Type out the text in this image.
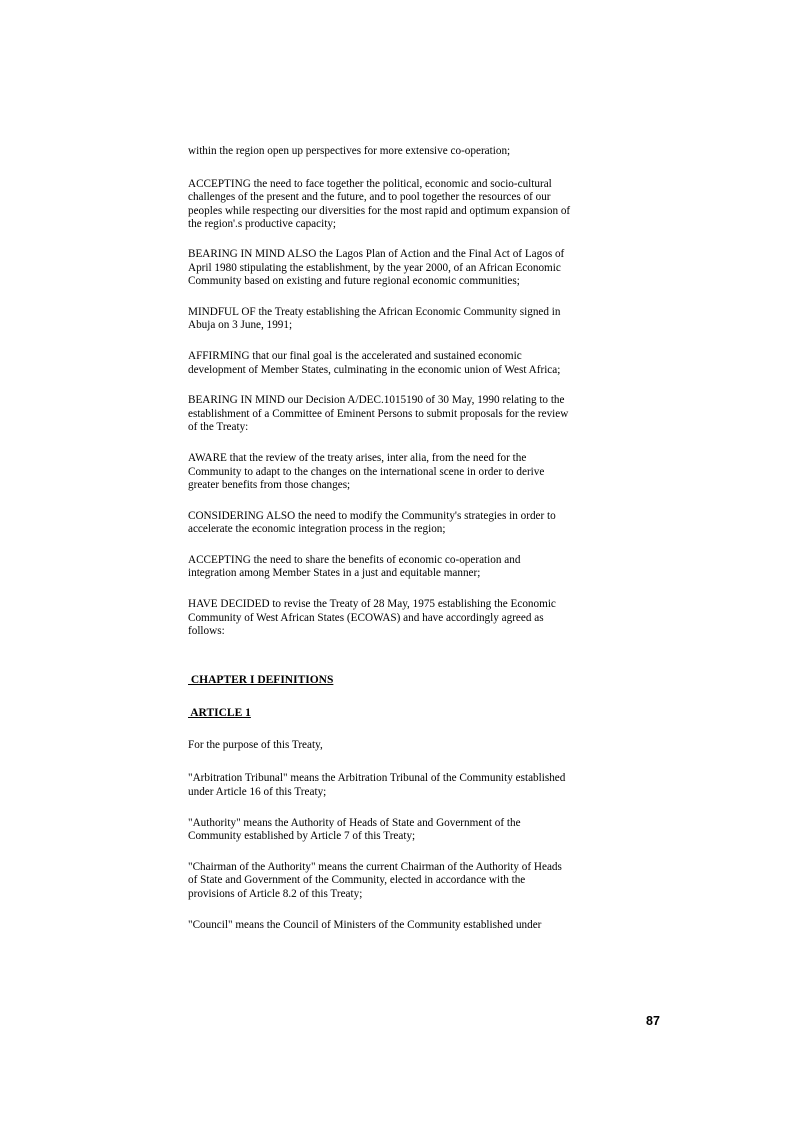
within the region open up perspectives for more extensive co-operation;

ACCEPTING the need to face together the political, economic and socio-cultural
challenges of the present and the future, and to pool together the resources of our
peoples while respecting our diversities for the most rapid and optimum expansion of
the region'.s productive capacity;

BEARING IN MIND ALSO the Lagos Plan of Action and the Final Act of Lagos of
April 1980 stipulating the establishment, by the year 2000, of an African Economic
Community based on existing and future regional economic communities;

MINDFUL OF the Treaty establishing the African Economic Community signed in
Abuja on 3 June, 1991;

AFFIRMING that our final goal is the accelerated and sustained economic
development of Member States, culminating in the economic union of West Africa;

BEARING IN MIND our Decision A/DEC.1015190 of 30 May, 1990 relating to the
establishment of a Committee of Eminent Persons to submit proposals for the review
of the Treaty:

AWARE that the review of the treaty arises, inter alia, from the need for the
Community to adapt to the changes on the international scene in order to derive
greater benefits from those changes;

CONSIDERING ALSO the need to modify the Community's strategies in order to
accelerate the economic integration process in the region;

ACCEPTING the need to share the benefits of economic co-operation and
integration among Member States in a just and equitable manner;

HAVE DECIDED to revise the Treaty of 28 May, 1975 establishing the Economic
Community of West African States (ECOWAS) and have accordingly agreed as
follows:

CHAPTER I DEFINITIONS

ARTICLE 1

For the purpose of this Treaty,

"Arbitration Tribunal" means the Arbitration Tribunal of the Community established
under Article 16 of this Treaty;

"Authority" means the Authority of Heads of State and Government of the
Community established by Article 7 of this Treaty;

"Chairman of the Authority" means the current Chairman of the Authority of Heads
of State and Government of the Community, elected in accordance with the
provisions of Article 8.2 of this Treaty;

"Council" means the Council of Ministers of the Community established under

87
